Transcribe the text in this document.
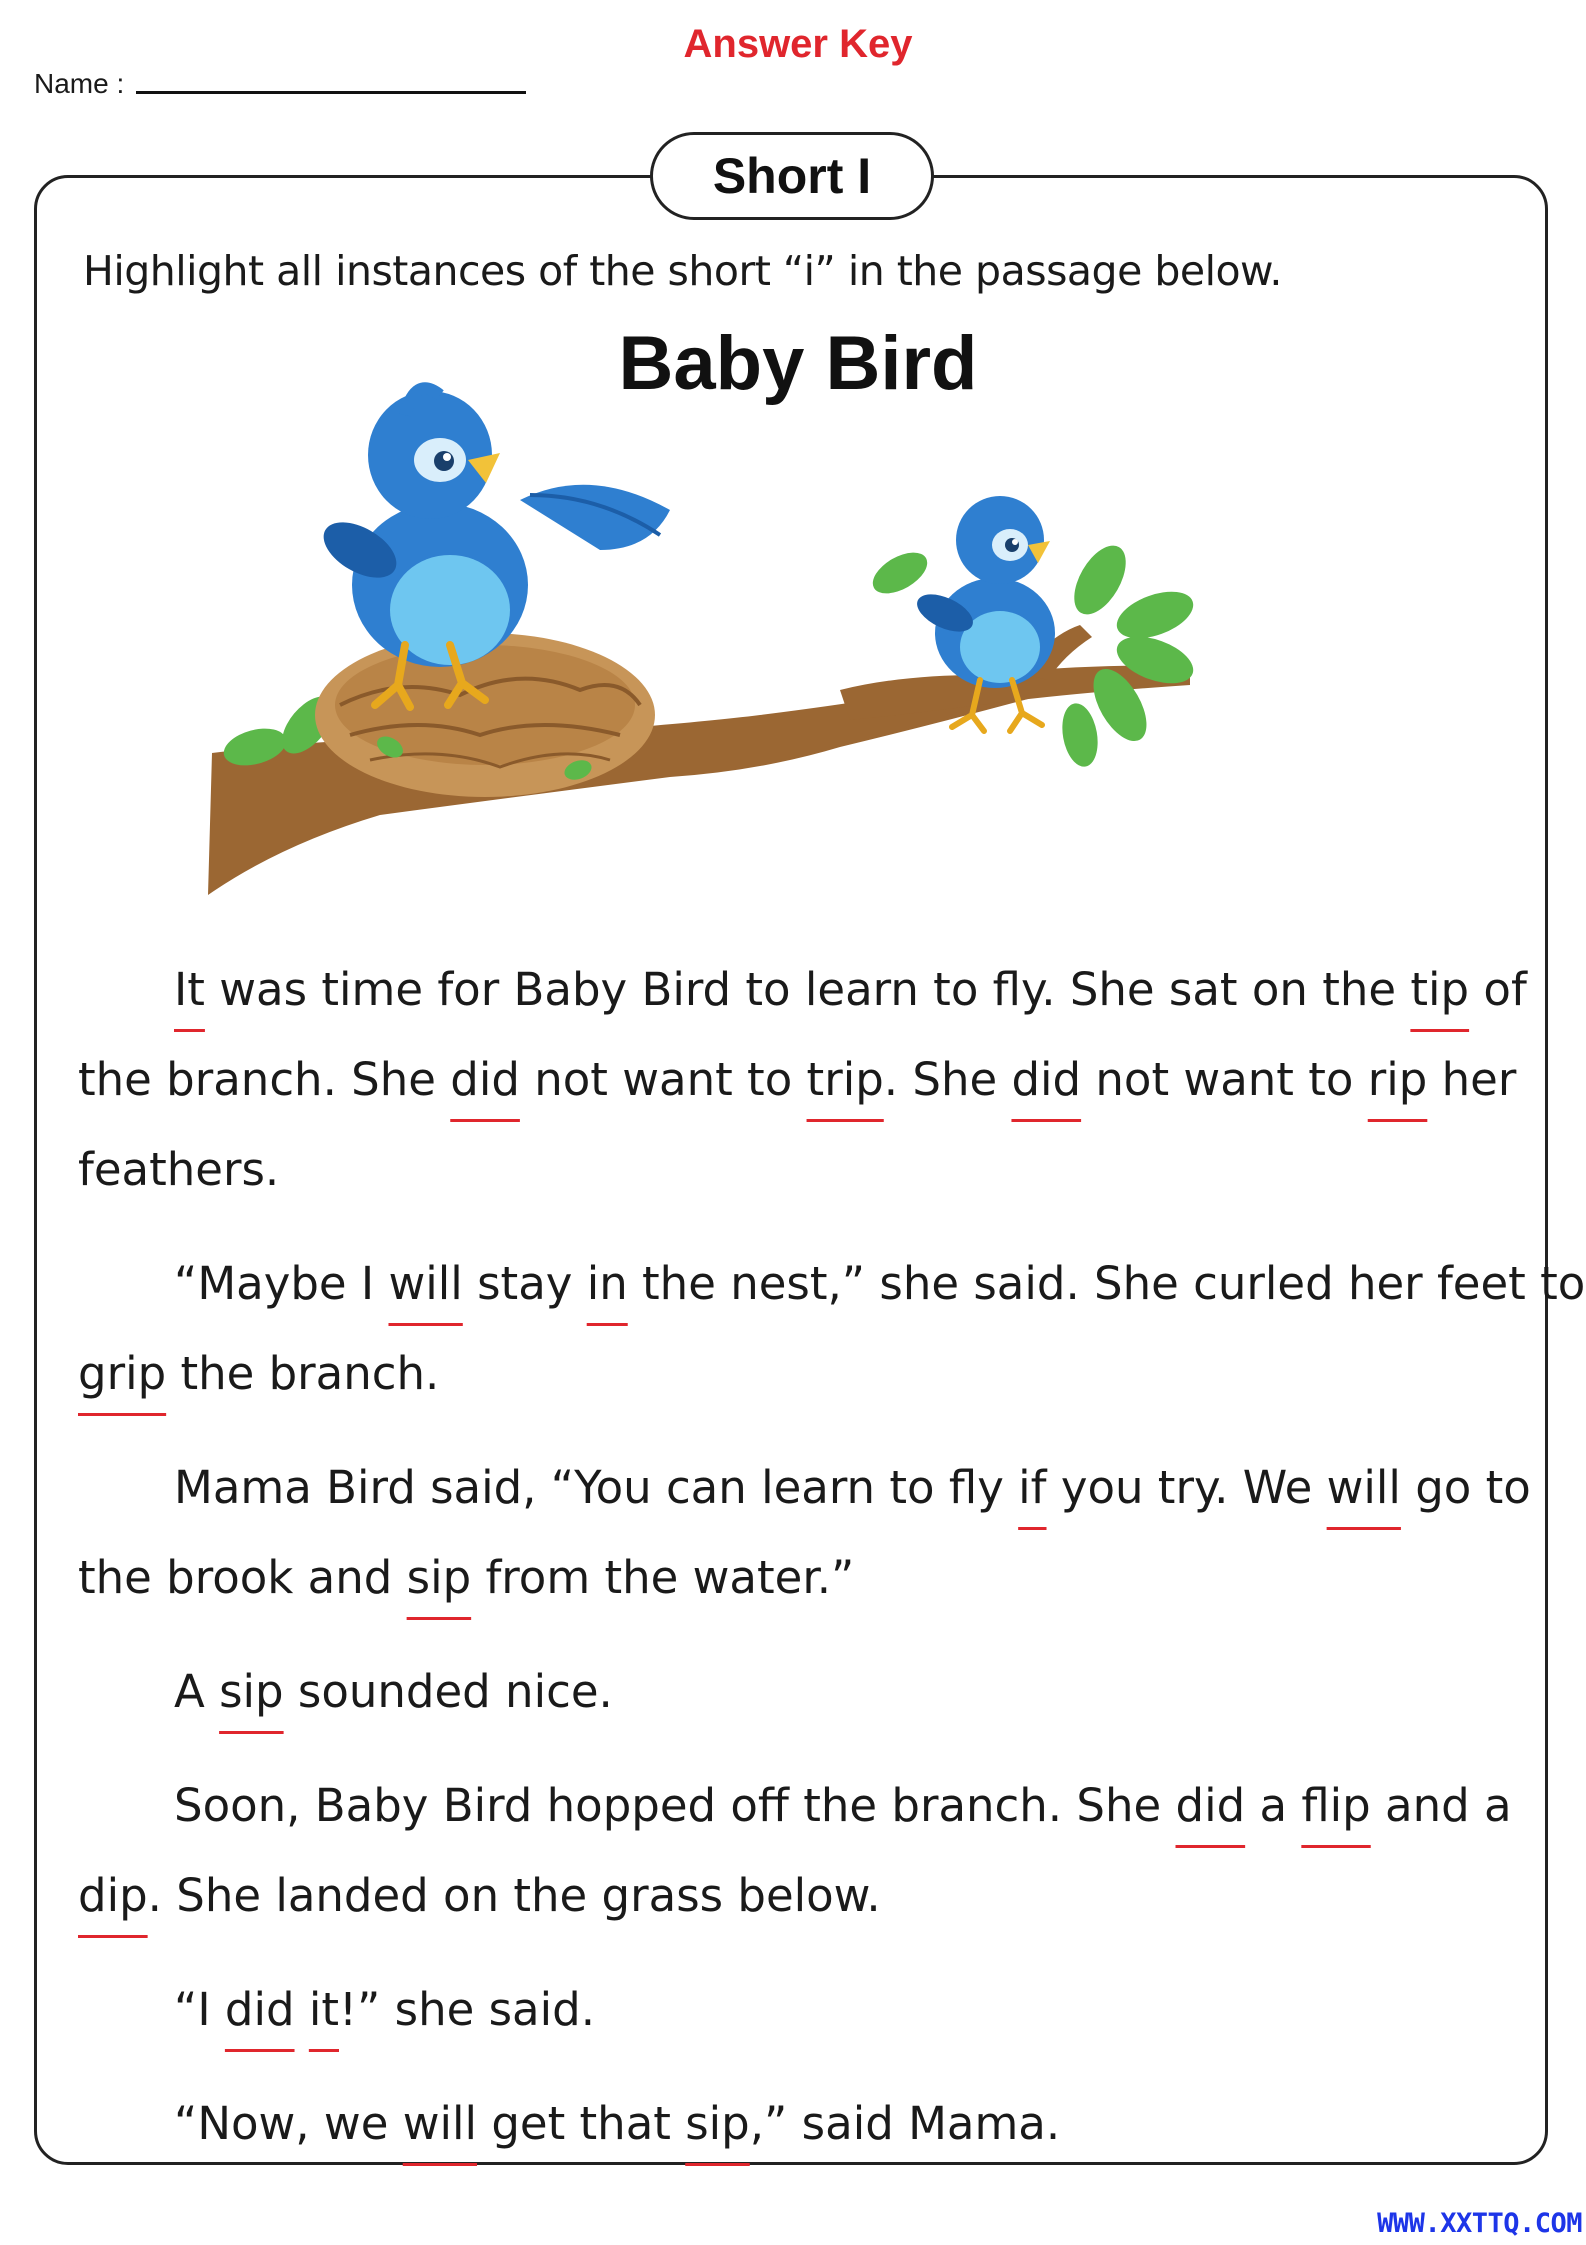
Name :
Answer Key
Short I
Highlight all instances of the short “i” in the passage below.
Baby Bird
It was time for Baby Bird to learn to fly. She sat on the tip of
the branch. She did not want to trip. She did not want to rip her
feathers.
“Maybe I will stay in the nest,” she said. She curled her feet to
grip the branch.
Mama Bird said, “You can learn to fly if you try. We will go to
the brook and sip from the water.”
A sip sounded nice.
Soon, Baby Bird hopped off the branch. She did a flip and a
dip. She landed on the grass below.
“I did it!” she said.
“Now, we will get that sip,” said Mama.
WWW.XXTTQ.COM
